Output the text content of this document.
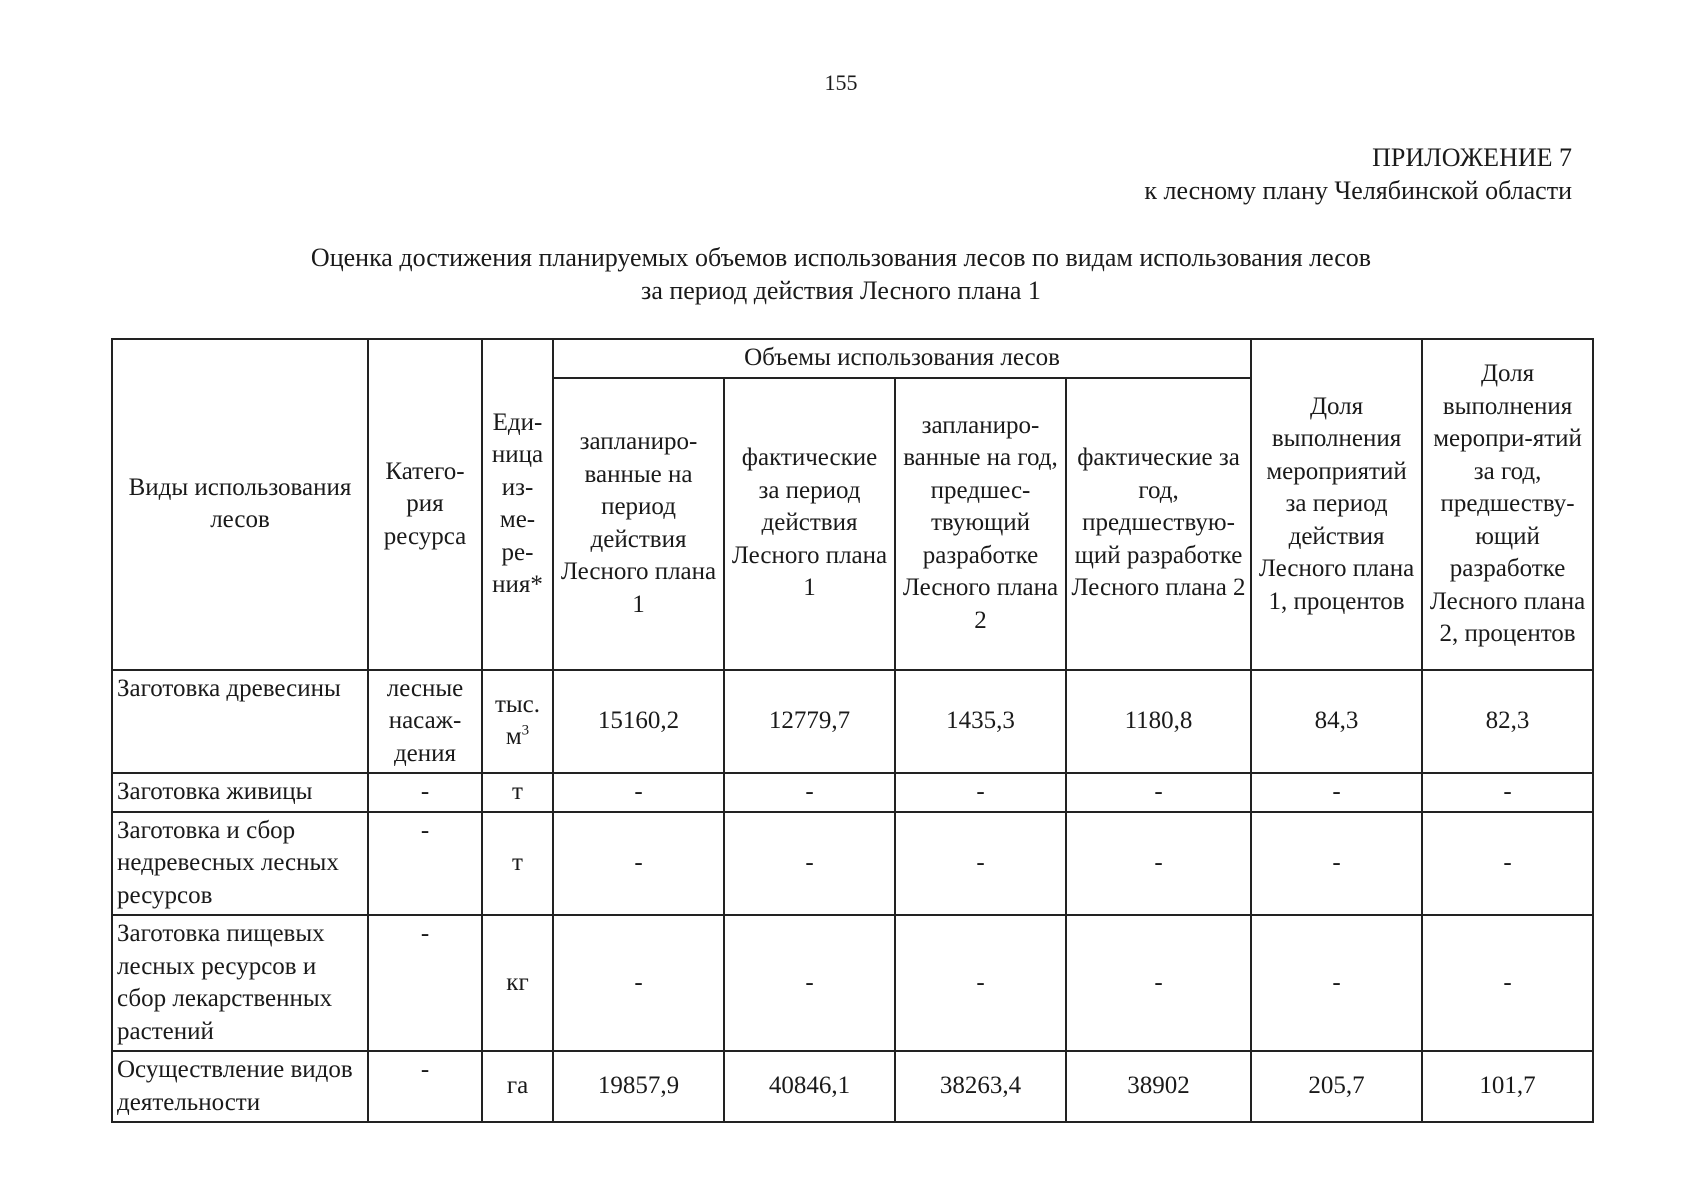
155
ПРИЛОЖЕНИЕ 7
к лесному плану Челябинской области
Оценка достижения планируемых объемов использования лесов по видам использования лесов
за период действия Лесного плана 1
Виды использования лесов	Катего-рия ресурса	Еди-ница из-ме-ре-ния*	Объемы использования лесов				Доля выполнения мероприятий за период действия Лесного плана 1, процентов	Доля выполнения меропри-ятий за год, предшеству-ющий разработке Лесного плана 2, процентов
			запланиро-ванные на период действия Лесного плана 1	фактические за период действия Лесного плана 1	запланиро-ванные на год, предшес-твующий разработке Лесного плана 2	фактические за год, предшествую-щий разработке Лесного плана 2		
Заготовка древесины	лесные насаж-дения	тыс. $м^3$	15160,2	12779,7	1435,3	1180,8	84,3	82,3
Заготовка живицы	-	т	-	-	-	-	-	-
Заготовка и сбор недревесных лесных ресурсов	-	т	-	-	-	-	-	-
Заготовка пищевых лесных ресурсов и сбор лекарственных растений	-	кг	-	-	-	-	-	-
Осуществление видов деятельности	-	га	19857,9	40846,1	38263,4	38902	205,7	101,7
